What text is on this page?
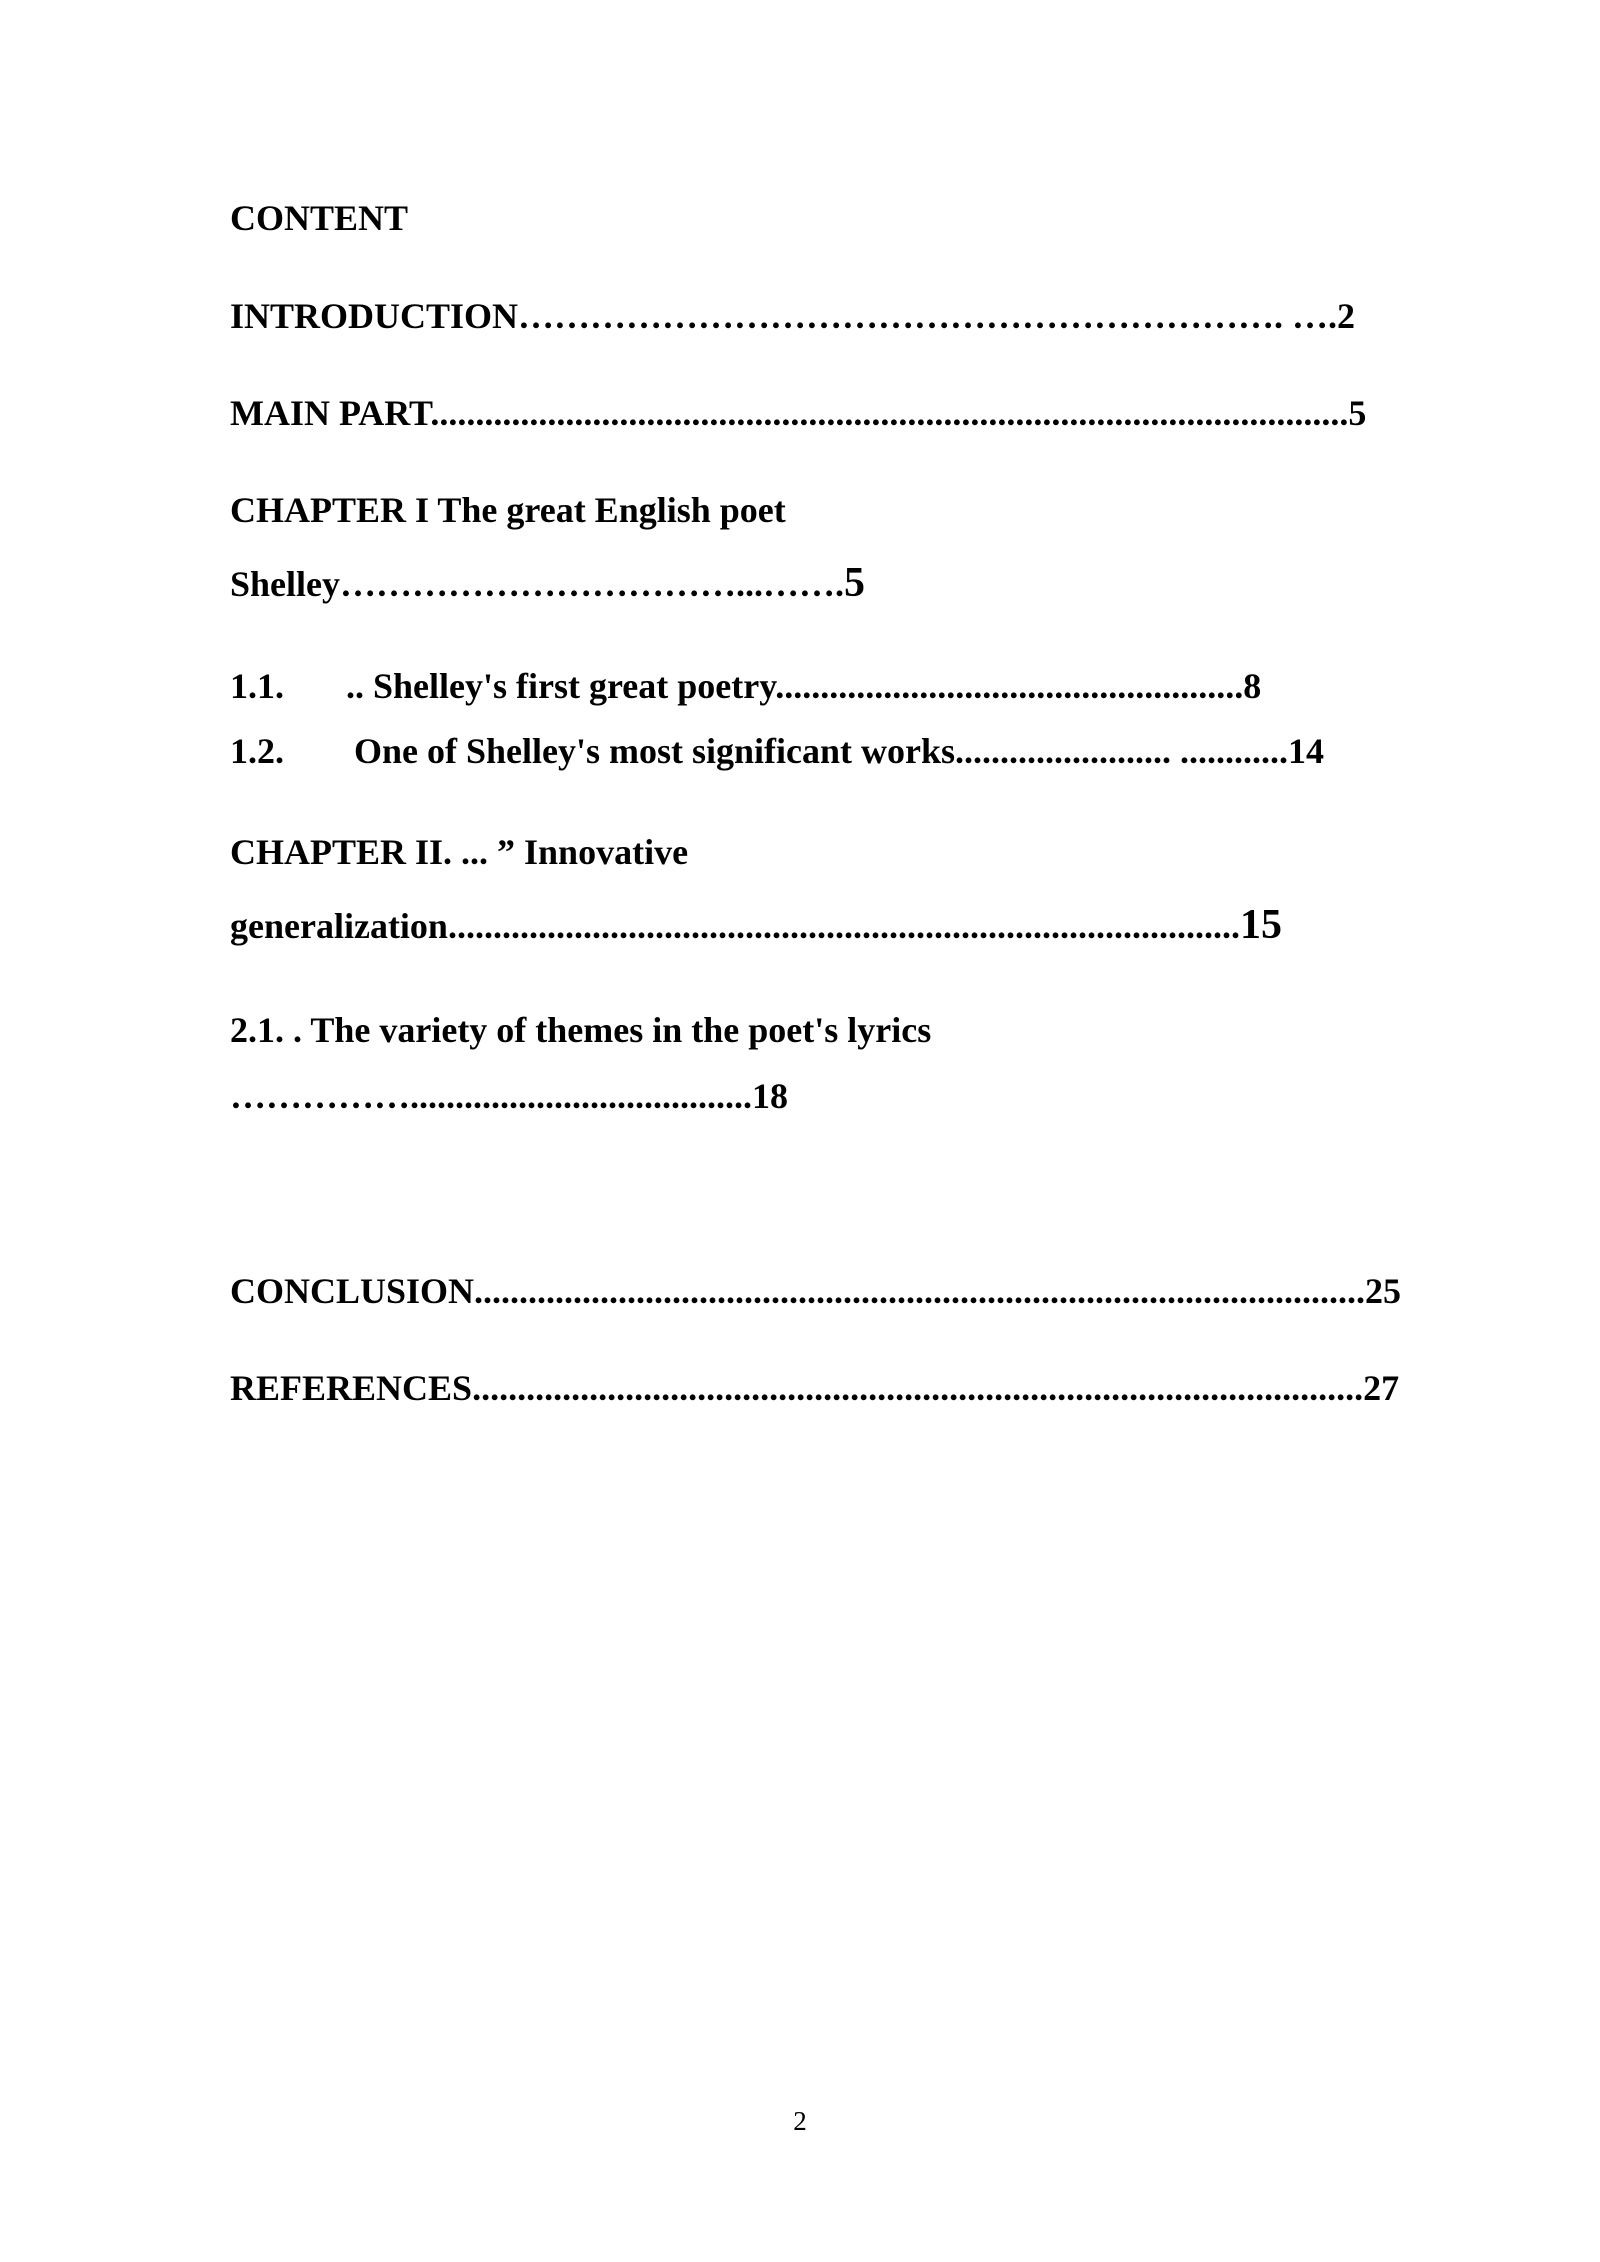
CONTENT
INTRODUCTION………………………………………………………. ….2
MAIN PART......................................................................................................5
CHAPTER I The great English poet
Shelley……………………………...…….5
1.1. .. Shelley's first great poetry....................................................8
1.2. One of Shelley's most significant works........................ ............14
CHAPTER II. ... ” Innovative
generalization........................................................................................15
2.1. . The variety of themes in the poet's lyrics
……………......................................18
CONCLUSION...................................................................................................25
REFERENCES...................................................................................................27
2
